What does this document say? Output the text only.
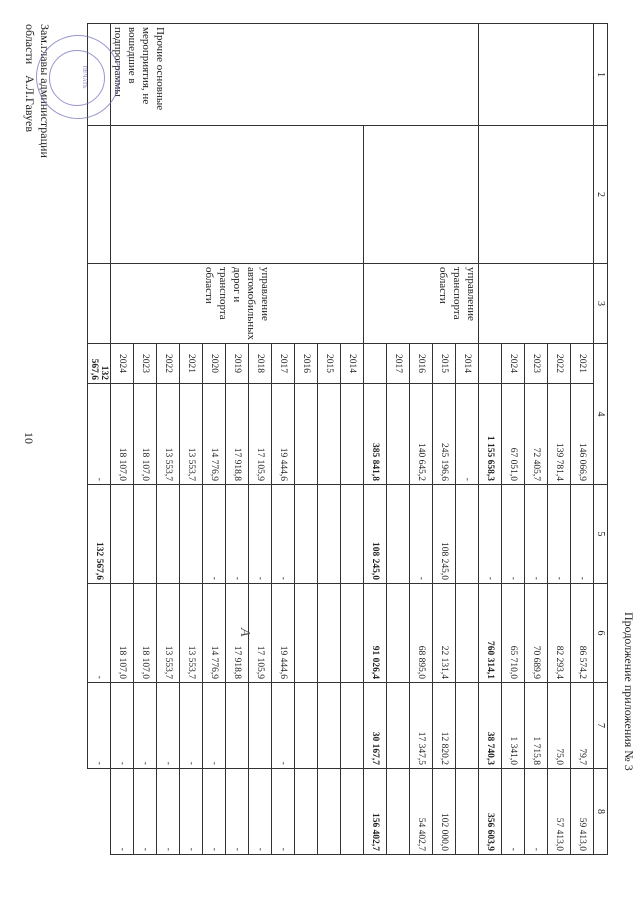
10
Продолжение приложения № 3
1	2	3	4		5	6	7	8
			2021	146 066,9	-	86 574,2	79,7	59 413,0
			2022	139 781,4	-	82 293,4	75,0	57 413,0
			2023	72 405,7	-	70 689,9	1 715,8	-
			2024	67 051,0	-	65 710,0	1 341,0	-
				1 155 658,3	-	760 314,1	38 740,3	356 603,9
Прочие основные мероприятия, не вошедшие в подпрограммы		управление транспорта области	2014	-				
			2015	245 196,6	108 245,0	22 131,4	12 820,2	102 000,0
			2016	140 645,2	-	68 895,0	17 347,5	54 402,7
			2017					
				385 841,8	108 245,0	91 026,4	30 167,7	156 402,7
		управление автомобильных дорог и транспорта области	2014					
			2015					
			2016					
			2017	19 444,6	-	19 444,6	-	-
			2018	17 105,9	-	17 105,9		-
			2019	17 918,8	-	17 918,8		-
			2020	14 776,9	-	14 776,9	-	-
			2021	13 553,7		13 553,7	-	-
			2022	13 553,7		13 553,7	-	-
			2023	18 107,0		18 107,0	-	-
			2024	18 107,0		18 107,0	-	-
			132 567,6	-	132 567,6	-	-	
Зам.главы администрации
области А.Л.Гавуев
А
ПЕЧАТЬ
